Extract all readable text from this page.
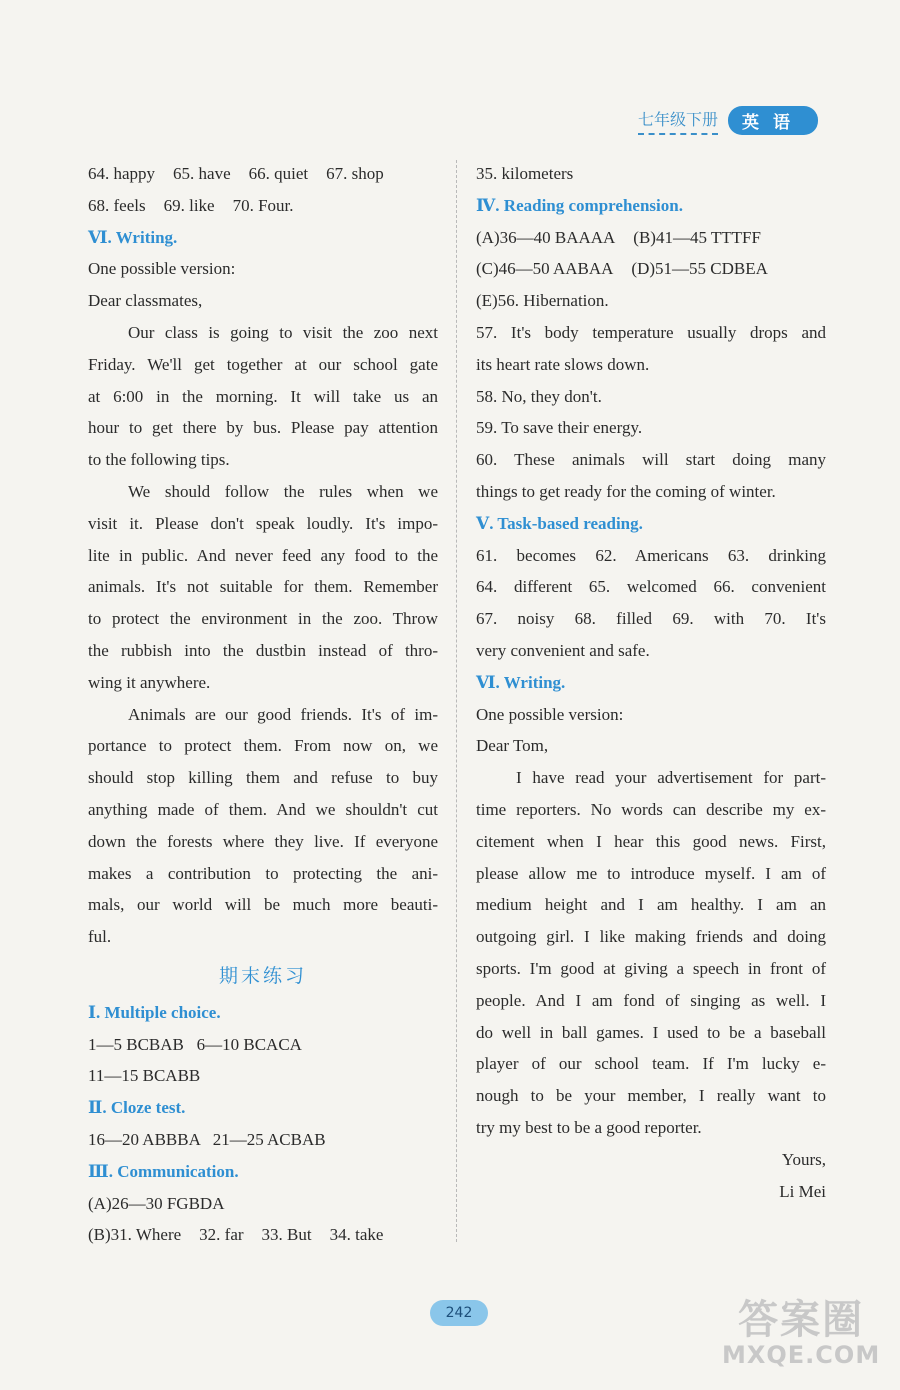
七年级下册	英语
64. happy 65. have 66. quiet 67. shop
68. feels 69. like 70. Four.
Ⅵ. Writing.
One possible version:
Dear classmates,
Our class is going to visit the zoo next
Friday. We'll get together at our school gate
at 6:00 in the morning. It will take us an
hour to get there by bus. Please pay attention
to the following tips.
We should follow the rules when we
visit it. Please don't speak loudly. It's impo-
lite in public. And never feed any food to the
animals. It's not suitable for them. Remember
to protect the environment in the zoo. Throw
the rubbish into the dustbin instead of thro-
wing it anywhere.
Animals are our good friends. It's of im-
portance to protect them. From now on, we
should stop killing them and refuse to buy
anything made of them. And we shouldn't cut
down the forests where they live. If everyone
makes a contribution to protecting the ani-
mals, our world will be much more beauti-
ful.
期末练习
Ⅰ. Multiple choice.
1—5 BCBAB   6—10 BCACA
11—15 BCABB
Ⅱ. Cloze test.
16—20 ABBBA   21—25 ACBAB
Ⅲ. Communication.
(A)26—30 FGBDA
(B)31. Where 32. far 33. But 34. take
35. kilometers
Ⅳ. Reading comprehension.
(A)36—40 BAAAA (B)41—45 TTTFF
(C)46—50 AABAA (D)51—55 CDBEA
(E)56. Hibernation.
57. It's body temperature usually drops and
its heart rate slows down.
58. No, they don't.
59. To save their energy.
60. These animals will start doing many
things to get ready for the coming of winter.
Ⅴ. Task-based reading.
61. becomes 62. Americans 63. drinking
64. different 65. welcomed 66. convenient
67. noisy 68. filled 69. with 70. It's
very convenient and safe.
Ⅵ. Writing.
One possible version:
Dear Tom,
I have read your advertisement for part-
time reporters. No words can describe my ex-
citement when I hear this good news. First,
please allow me to introduce myself. I am of
medium height and I am healthy. I am an
outgoing girl. I like making friends and doing
sports. I'm good at giving a speech in front of
people. And I am fond of singing as well. I
do well in ball games. I used to be a baseball
player of our school team. If I'm lucky e-
nough to be your member, I really want to
try my best to be a good reporter.
Yours,
Li Mei
242	答案圈
MXQE.COM
